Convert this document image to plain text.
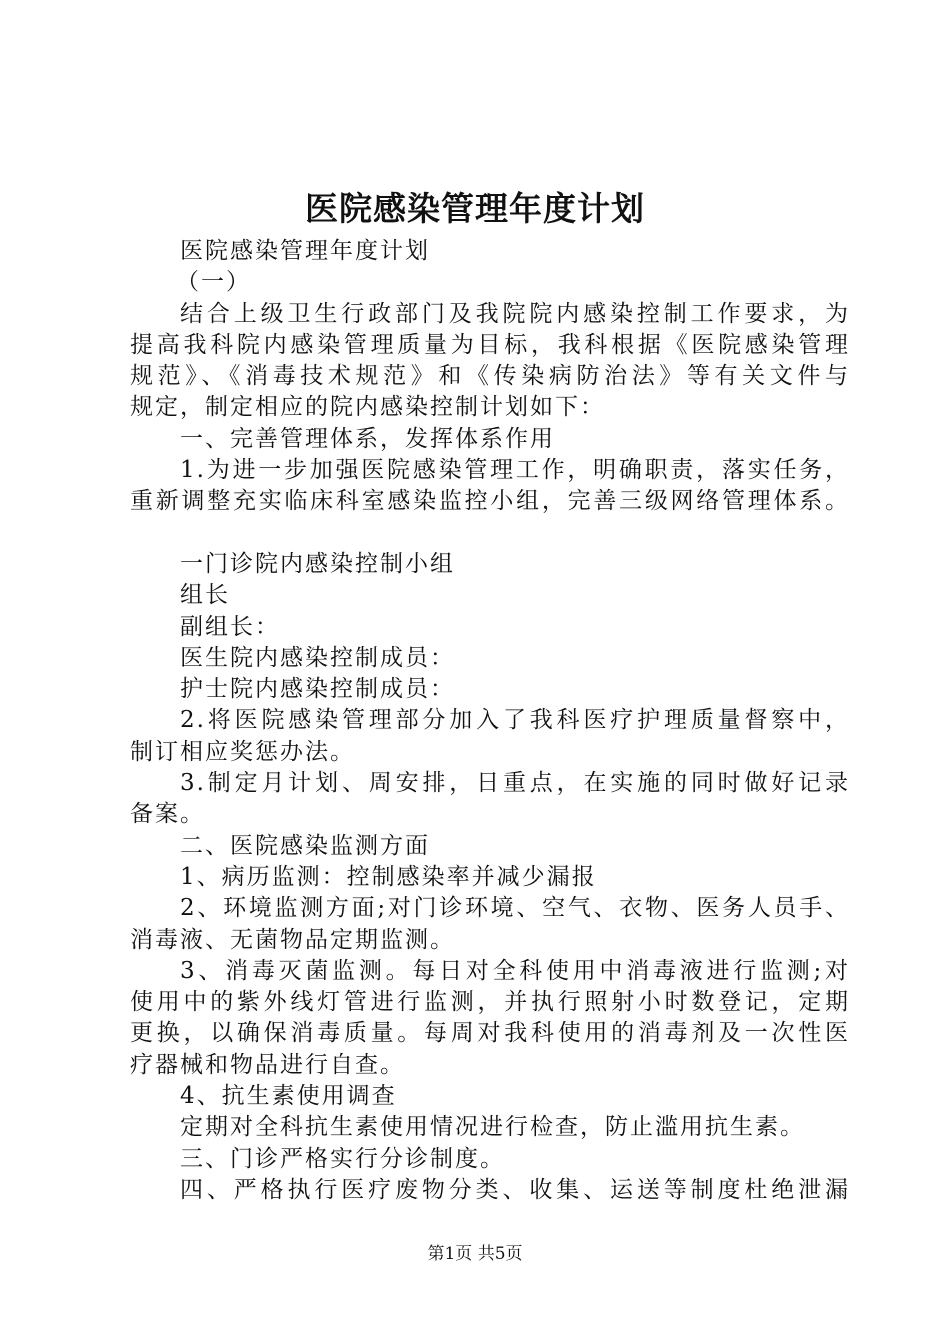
医院感染管理年度计划
医院感染管理年度计划
（一）
结合上级卫生行政部门及我院院内感染控制工作要求，为
提高我科院内感染管理质量为目标，我科根据《医院感染管理
规范》、《消毒技术规范》和《传染病防治法》等有关文件与
规定，制定相应的院内感染控制计划如下：
一、完善管理体系，发挥体系作用
1.为进一步加强医院感染管理工作，明确职责，落实任务，
重新调整充实临床科室感染监控小组，完善三级网络管理体系。
一门诊院内感染控制小组
组长
副组长：
医生院内感染控制成员：
护士院内感染控制成员：
2.将医院感染管理部分加入了我科医疗护理质量督察中，
制订相应奖惩办法。
3.制定月计划、周安排，日重点，在实施的同时做好记录
备案。
二、医院感染监测方面
1、病历监测：控制感染率并减少漏报
2、环境监测方面;对门诊环境、空气、衣物、医务人员手、
消毒液、无菌物品定期监测。
3、消毒灭菌监测。每日对全科使用中消毒液进行监测;对
使用中的紫外线灯管进行监测，并执行照射小时数登记，定期
更换，以确保消毒质量。每周对我科使用的消毒剂及一次性医
疗器械和物品进行自查。
4、抗生素使用调查
定期对全科抗生素使用情况进行检查，防止滥用抗生素。
三、门诊严格实行分诊制度。
四、严格执行医疗废物分类、收集、运送等制度杜绝泄漏
第1页 共5页
